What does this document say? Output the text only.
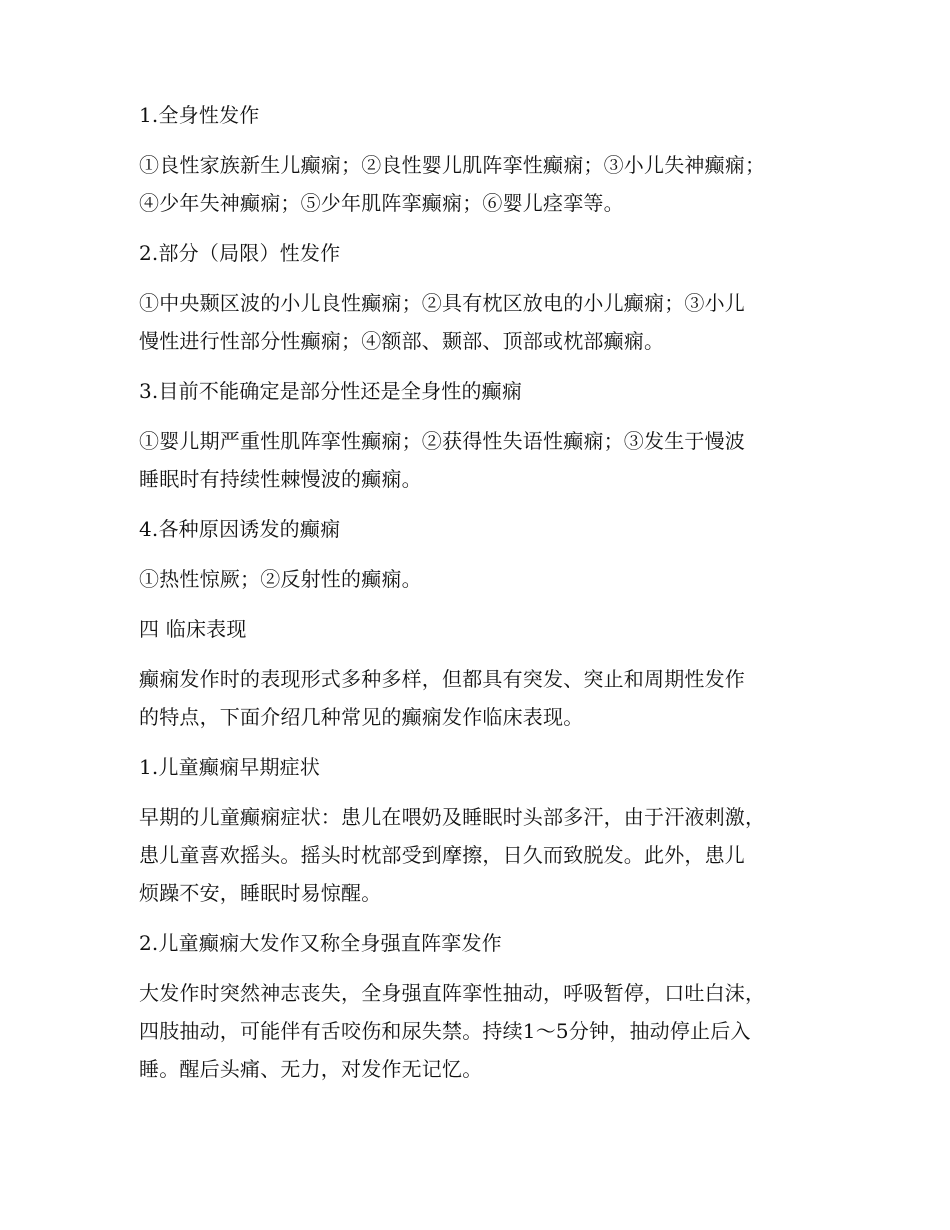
1.全身性发作
①良性家族新生儿癫痫；②良性婴儿肌阵挛性癫痫；③小儿失神癫痫；
④少年失神癫痫；⑤少年肌阵挛癫痫；⑥婴儿痉挛等。
2.部分（局限）性发作
①中央颞区波的小儿良性癫痫；②具有枕区放电的小儿癫痫；③小儿
慢性进行性部分性癫痫；④额部、颞部、顶部或枕部癫痫。
3.目前不能确定是部分性还是全身性的癫痫
①婴儿期严重性肌阵挛性癫痫；②获得性失语性癫痫；③发生于慢波
睡眠时有持续性棘慢波的癫痫。
4.各种原因诱发的癫痫
①热性惊厥；②反射性的癫痫。
四 临床表现
癫痫发作时的表现形式多种多样，但都具有突发、突止和周期性发作
的特点，下面介绍几种常见的癫痫发作临床表现。
1.儿童癫痫早期症状
早期的儿童癫痫症状：患儿在喂奶及睡眠时头部多汗，由于汗液刺激，
患儿童喜欢摇头。摇头时枕部受到摩擦，日久而致脱发。此外，患儿
烦躁不安，睡眠时易惊醒。
2.儿童癫痫大发作又称全身强直阵挛发作
大发作时突然神志丧失，全身强直阵挛性抽动，呼吸暂停，口吐白沫，
四肢抽动，可能伴有舌咬伤和尿失禁。持续1～5分钟，抽动停止后入
睡。醒后头痛、无力，对发作无记忆。
